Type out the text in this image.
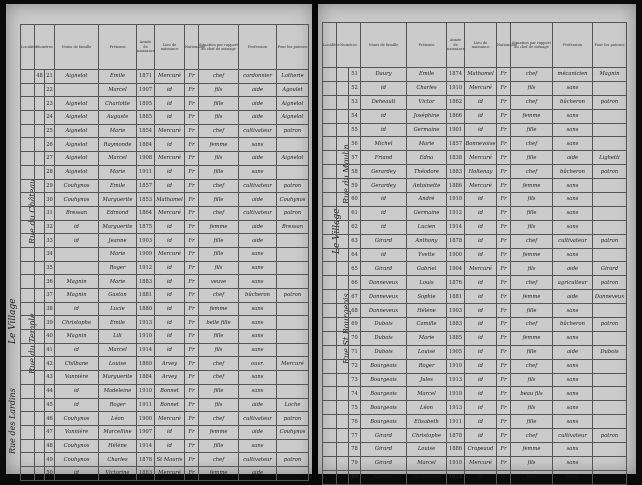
Le Village
Rue du Château
Rue du Temple
Rue des Lardins
Localités	Numéros		Noms de famille	Prénoms	Année de naissance	Lieu de naissance	Nationalité	Situation par rapport au chef de ménage	Profession	Pour les patrons
	48	21	Aignelot	Emile	1871	Mercuré	Fr	chef	cordonnier	Lotherie
		22		Marcel	1907	id	Fr	fils	aide	Agoulet
		23	Aignelot	Charlotte	1895	id	Fr	fille	aide	Aignelot
		24	Aignelot	Auguste	1885	id	Fr	fils	aide	Aignelot
		25	Aignelot	Marie	1854	Mercuré	Fr	chef	cultivateur	patron
		26	Aignelot	Raymonde	1884	id	Fr	femme	sans	
		27	Aignelot	Marcel	1908	Mercuré	Fr	fils	aide	Aignelot
		28	Aignelot	Marie	1911	id	Fr	fille	sans	
		29	Couhynos	Emile	1857	id	Fr	chef	cultivateur	patron
		30	Couhynos	Marguerite	1853	Mathamel	Fr	fille	aide	Couhynos
		31	Bressan	Edmond	1864	Mercuré	Fr	chef	cultivateur	patron
		32	id	Marguerite	1875	id	Fr	femme	aide	Bressan
		33	id	Jeanne	1903	id	Fr	fille	aide	
		34		Marie	1909	Mercuré	Fr	fille	sans	
		35		Roger	1912	id	Fr	fils	sans	
		36	Magnin	Marie	1883	id	Fr	veuve	sans	
		37	Magnin	Gaston	1881	id	Fr	chef	bûcheron	patron
		38	id	Lucie	1880	id	Fr	femme	sans	
		39	Christophe	Emile	1913	id	Fr	belle fille	sans	
		40	Magnin	Lili	1910	id	Fr	fille	sans	
		41	id	Marcel	1914	id	Fr	fils	sans	
		42	Chilbane	Louise	1860	Arvey	Fr	chef	ouvr.	Mercuré
		43	Vannière	Marguerite	1884	Arvey	Fr	chef	sans	
		44	id	Madeleine	1910	Bonnet	Fr	fille	sans	
		45	id	Roger	1911	Bonnet	Fr	fils	aide	Loche
		46	Couhynos	Léon	1900	Mercuré	Fr	chef	cultivateur	patron
		47	Vannière	Marcelline	1907	id	Fr	femme	aide	Couhynos
		48	Couhynos	Hélène	1914	id	Fr	fille	sans	
		49	Couhynos	Charles	1878	St Mauris	Fr	chef	cultivateur	patron
		50	id	Victorine	1883	Mercuré	Fr	femme	aide	
Le Village
Rue du Moulin
Rue St Bourgeois
Localités	Numéros		Noms de famille	Prénoms	Année de naissance	Lieu de naissance	Nationalité	Situation par rapport au chef de ménage	Profession	Pour les patrons
		51	Daury	Emile	1874	Mathamel	Fr	chef	mécanicien	Magnin
		52	id	Charles	1910	Mercuré	Fr	fils	sans	
		53	Deheault	Victor	1862	id	Fr	chef	bûcheron	patron
		54	id	Joséphine	1866	id	Fr	femme	sans	
		55	id	Germaine	1901	id	Fr	fille	sans	
		56	Michel	Marie	1857	Bonnevoise	Fr	chef	sans	
		57	Friand	Edna	1838	Mercuré	Fr	fille	aide	Lighetti
		58	Gerardey	Théodore	1883	Holtenay	Fr	chef	bûcheron	patron
		59	Gerardey	Antoinette	1886	Mercuré	Fr	femme	sans	
		60	id	André	1910	id	Fr	fils	sans	
		61	id	Germaine	1912	id	Fr	fille	sans	
		62	id	Lucien	1914	id	Fr	fils	sans	
		63	Girard	Anthony	1878	id	Fr	chef	cultivateur	patron
		64	id	Yvette	1900	id	Fr	femme	sans	
		65	Girard	Gabriel	1904	Mercuré	Fr	fils	aide	Girard
		66	Danneveux	Louis	1876	id	Fr	chef	agriculteur	patron
		67	Danneveux	Sophie	1881	id	Fr	femme	aide	Danneveux
		68	Danneveux	Hélène	1903	id	Fr	fille	sans	
		69	Dubois	Camille	1883	id	Fr	chef	bûcheron	patron
		70	Dubois	Marie	1885	id	Fr	femme	sans	
		71	Dubois	Louise	1905	id	Fr	fille	aide	Dubois
		72	Bourgeois	Roger	1910	id	Fr	chef	sans	
		73	Bourgeois	Jules	1913	id	Fr	fils	sans	
		74	Bourgeois	Marcel	1910	id	Fr	beau fils	sans	
		75	Bourgeois	Léon	1913	id	Fr	fils	sans	
		76	Bourgeois	Elisabeth	1911	id	Fr	fille	sans	
		77	Girard	Christophe	1878	id	Fr	chef	cultivateur	patron
		78	Girard	Louise	1886	Crapeaud	Fr	femme	sans	
		79	Girard	Marcel	1910	Mercuré	Fr	fils	sans	
		80	Girard	Madeleine	1912	id	Fr	fille	sans	
